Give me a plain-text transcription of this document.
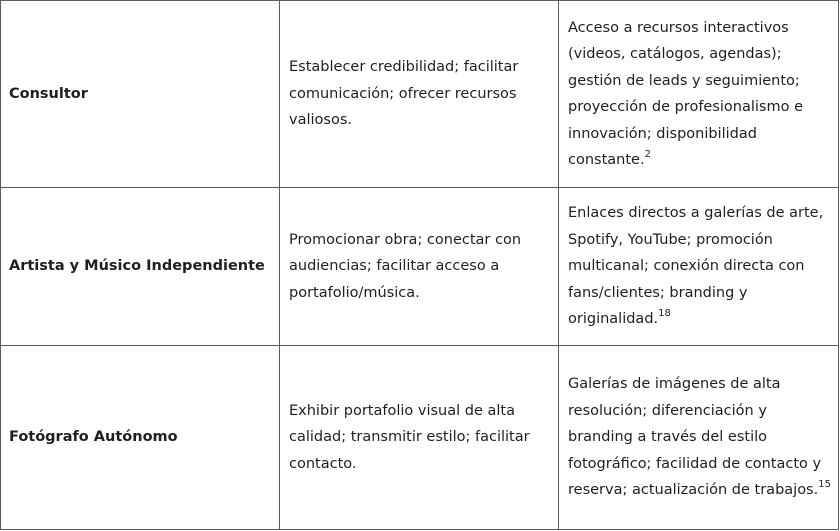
Consultor	Establecer credibilidad; facilitar comunicación; ofrecer recursos valiosos.	Acceso a recursos interactivos (videos, catálogos, agendas); gestión de leads y seguimiento; proyección de profesionalismo e innovación; disponibilidad constante.$^2$
Artista y Músico Independiente	Promocionar obra; conectar con audiencias; facilitar acceso a portafolio/música.	Enlaces directos a galerías de arte, Spotify, YouTube; promoción multicanal; conexión directa con fans/clientes; branding y originalidad.$^{18}$
Fotógrafo Autónomo	Exhibir portafolio visual de alta calidad; transmitir estilo; facilitar contacto.	Galerías de imágenes de alta resolución; diferenciación y branding a través del estilo fotográfico; facilidad de contacto y reserva; actualización de trabajos.$^{15}$
